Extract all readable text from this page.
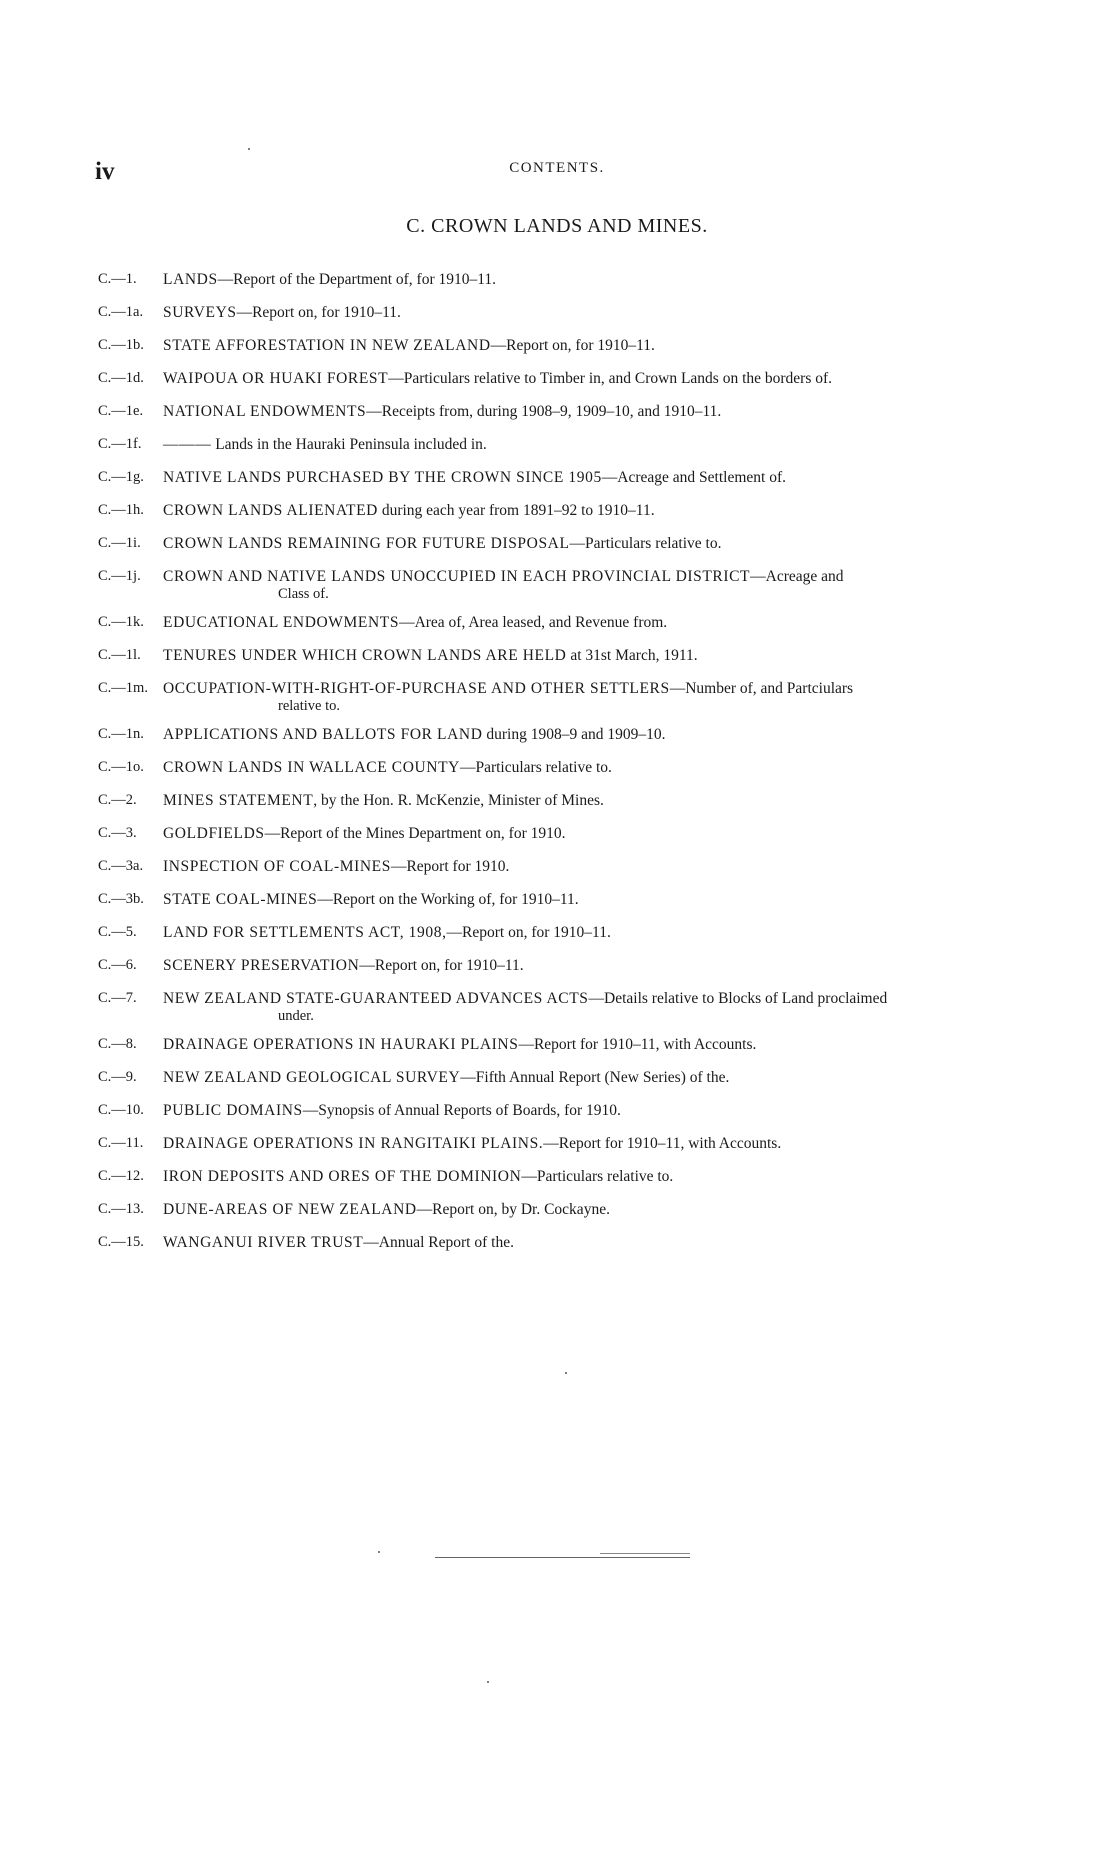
iv	CONTENTS.
C. CROWN LANDS AND MINES.
C.—1.	LANDS—Report of the Department of, for 1910–11.
C.—1a.	SURVEYS—Report on, for 1910–11.
C.—1b.	STATE AFFORESTATION IN NEW ZEALAND—Report on, for 1910–11.
C.—1d.	WAIPOUA OR HUAKI FOREST—Particulars relative to Timber in, and Crown Lands on the borders of.
C.—1e.	NATIONAL ENDOWMENTS—Receipts from, during 1908–9, 1909–10, and 1910–11.
C.—1f.	——— Lands in the Hauraki Peninsula included in.
C.—1g.	NATIVE LANDS PURCHASED BY THE CROWN SINCE 1905—Acreage and Settlement of.
C.—1h.	CROWN LANDS ALIENATED during each year from 1891–92 to 1910–11.
C.—1i.	CROWN LANDS REMAINING FOR FUTURE DISPOSAL—Particulars relative to.
C.—1j.	CROWN AND NATIVE LANDS UNOCCUPIED IN EACH PROVINCIAL DISTRICT—Acreage and
Class of.
C.—1k.	EDUCATIONAL ENDOWMENTS—Area of, Area leased, and Revenue from.
C.—1l.	TENURES UNDER WHICH CROWN LANDS ARE HELD at 31st March, 1911.
C.—1m. OCCUPATION-WITH-RIGHT-OF-PURCHASE AND OTHER SETTLERS—Number of, and Partciulars
relative to.
C.—1n.	APPLICATIONS AND BALLOTS FOR LAND during 1908–9 and 1909–10.
C.—1o.	CROWN LANDS IN WALLACE COUNTY—Particulars relative to.
C.—2.	MINES STATEMENT, by the Hon. R. McKenzie, Minister of Mines.
C.—3.	GOLDFIELDS—Report of the Mines Department on, for 1910.
C.—3a.	INSPECTION OF COAL-MINES—Report for 1910.
C.—3b.	STATE COAL-MINES—Report on the Working of, for 1910–11.
C.—5.	LAND FOR SETTLEMENTS ACT, 1908,—Report on, for 1910–11.
C.—6.	SCENERY PRESERVATION—Report on, for 1910–11.
C.—7.	NEW ZEALAND STATE-GUARANTEED ADVANCES ACTS—Details relative to Blocks of Land proclaimed
under.
C.—8.	DRAINAGE OPERATIONS IN HAURAKI PLAINS—Report for 1910–11, with Accounts.
C.—9.	NEW ZEALAND GEOLOGICAL SURVEY—Fifth Annual Report (New Series) of the.
C.—10.	PUBLIC DOMAINS—Synopsis of Annual Reports of Boards, for 1910.
C.—11.	DRAINAGE OPERATIONS IN RANGITAIKI PLAINS.—Report for 1910–11, with Accounts.
C.—12.	IRON DEPOSITS AND ORES OF THE DOMINION—Particulars relative to.
C.—13.	DUNE-AREAS OF NEW ZEALAND—Report on, by Dr. Cockayne.
C.—15.	WANGANUI RIVER TRUST—Annual Report of the.
